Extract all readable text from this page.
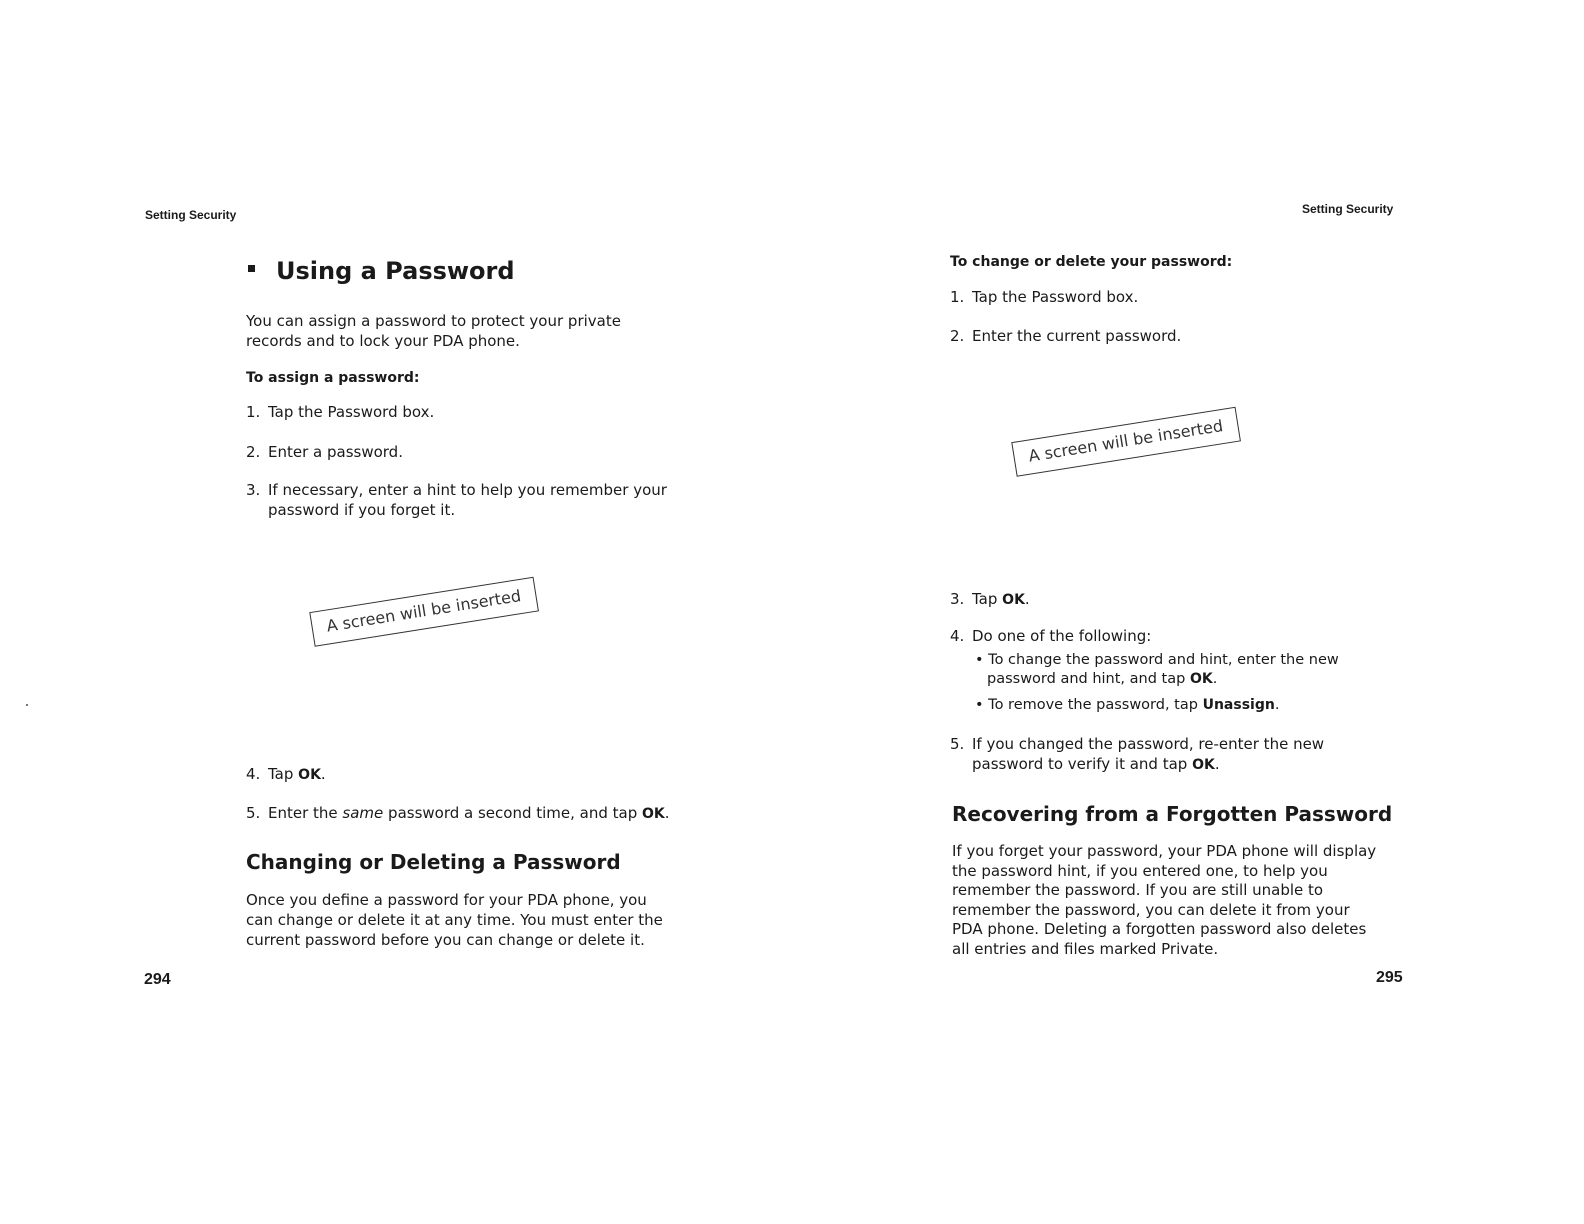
Setting Security
Using a Password
You can assign a password to protect your private
records and to lock your PDA phone.
To assign a password:
1. Tap the Password box.
2. Enter a password.
3. If necessary, enter a hint to help you remember your
password if you forget it.
A screen will be inserted
4. Tap OK.
5. Enter the same password a second time, and tap OK.
Changing or Deleting a Password
Once you define a password for your PDA phone, you
can change or delete it at any time. You must enter the
current password before you can change or delete it.
294
Setting Security
To change or delete your password:
1. Tap the Password box.
2. Enter the current password.
A screen will be inserted
3. Tap OK.
4. Do one of the following:
• To change the password and hint, enter the new
password and hint, and tap OK.
• To remove the password, tap Unassign.
5. If you changed the password, re-enter the new
password to verify it and tap OK.
Recovering from a Forgotten Password
If you forget your password, your PDA phone will display
the password hint, if you entered one, to help you
remember the password. If you are still unable to
remember the password, you can delete it from your
PDA phone. Deleting a forgotten password also deletes
all entries and files marked Private.
295
